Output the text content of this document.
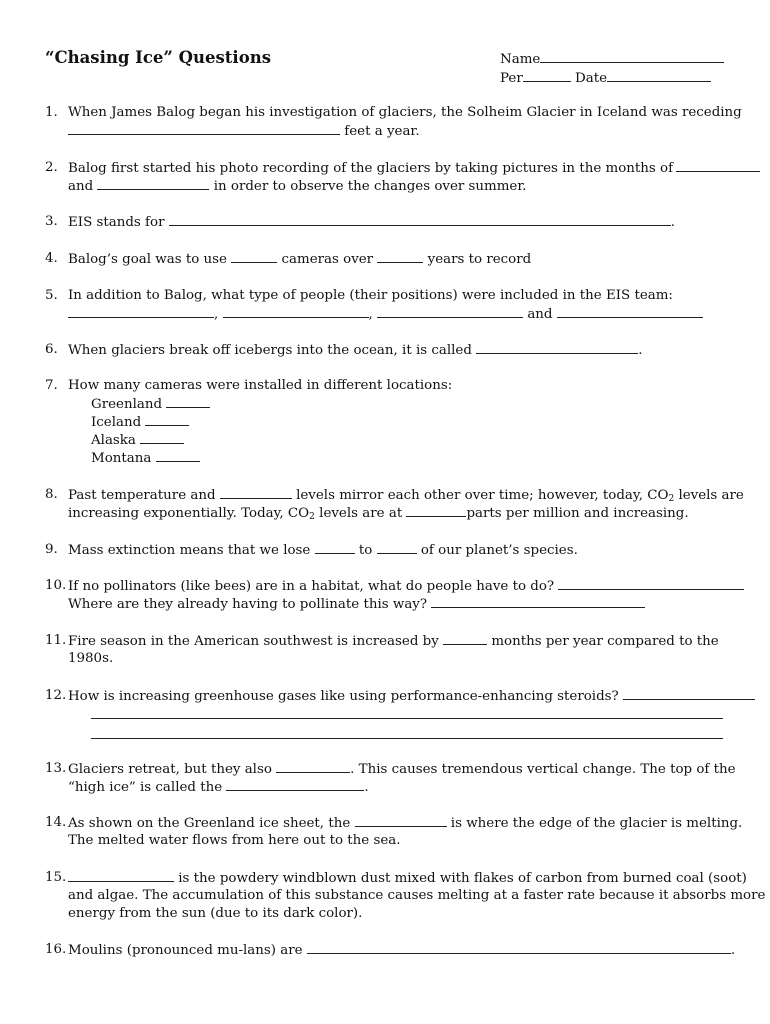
“Chasing Ice” Questions	Name
Per	Date
1. When James Balog began his investigation of glaciers, the Solheim Glacier in Iceland was receding
feet a year.
2. Balog first started his photo recording of the glaciers by taking pictures in the months of
and	in order to observe the changes over summer.
3. EIS stands for	.
4. Balog’s goal was to use	cameras over	years to record
5. In addition to Balog, what type of people (their positions) were included in the EIS team:
,	,	and
6. When glaciers break off icebergs into the ocean, it is called	.
7. How many cameras were installed in different locations:
Greenland
Iceland
Alaska
Montana
8. Past temperature and	levels mirror each other over time; however, today, $CO_2$ levels are
increasing exponentially. Today, $CO_2$ levels are at	parts per million and increasing.
9. Mass extinction means that we lose	to	of our planet’s species.
10. If no pollinators (like bees) are in a habitat, what do people have to do?
Where are they already having to pollinate this way?
11. Fire season in the American southwest is increased by	months per year compared to the
1980s.
12. How is increasing greenhouse gases like using performance-enhancing steroids?
13. Glaciers retreat, but they also	. This causes tremendous vertical change. The top of the
“high ice” is called the	.
14. As shown on the Greenland ice sheet, the	is where the edge of the glacier is melting.
The melted water flows from here out to the sea.
15.	is the powdery windblown dust mixed with flakes of carbon from burned coal (soot)
and algae. The accumulation of this substance causes melting at a faster rate because it absorbs more
energy from the sun (due to its dark color).
16. Moulins (pronounced mu-lans) are	.
